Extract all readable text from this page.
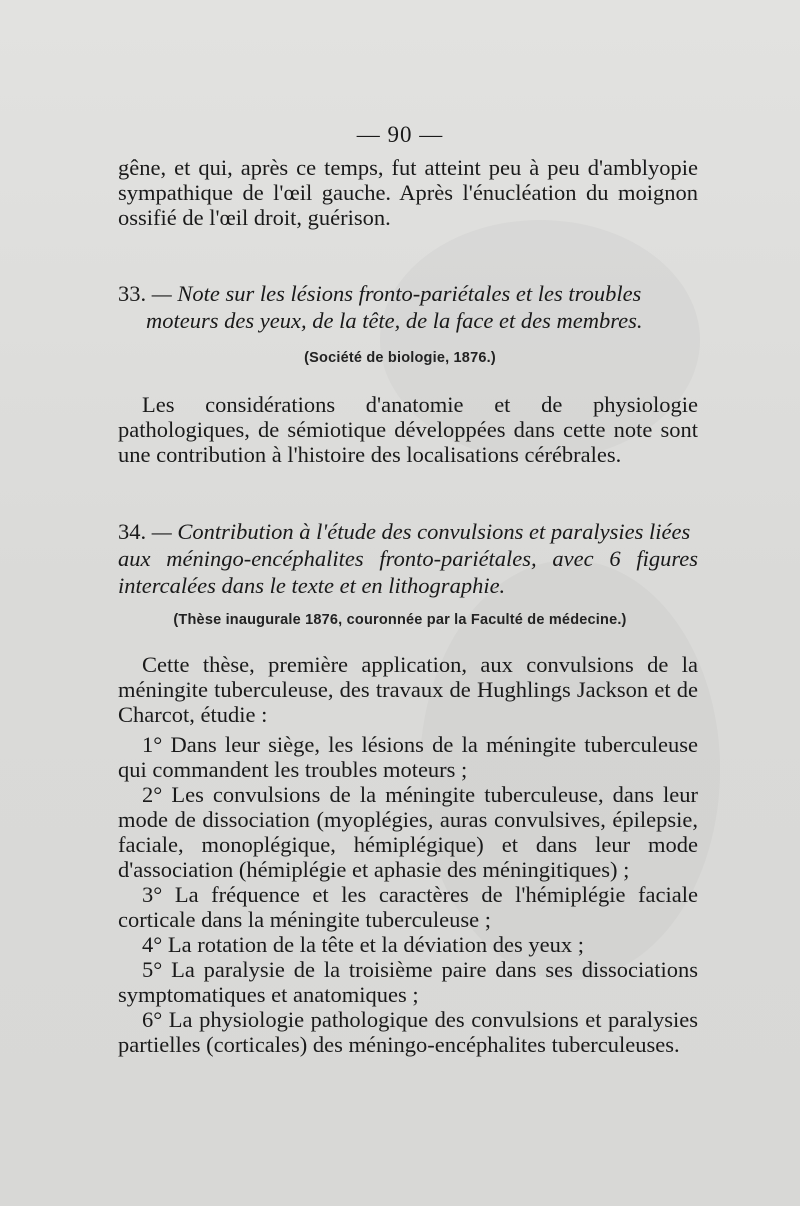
— 90 —

gêne, et qui, après ce temps, fut atteint peu à peu d'amblyopie sympathique de l'œil gauche. Après l'énucléation du moignon ossifié de l'œil droit, guérison.

33. — Note sur les lésions fronto-pariétales et les troubles
moteurs des yeux, de la tête, de la face et des membres.
(Société de biologie, 1876.)

Les considérations d'anatomie et de physiologie pathologiques, de sémiotique développées dans cette note sont une contribution à l'histoire des localisations cérébrales.

34. — Contribution à l'étude des convulsions et paralysies liées
aux méningo-encéphalites fronto-pariétales, avec 6 figures intercalées dans le texte et en lithographie.
(Thèse inaugurale 1876, couronnée par la Faculté de médecine.)

Cette thèse, première application, aux convulsions de la méningite tuberculeuse, des travaux de Hughlings Jackson et de Charcot, étudie :

1° Dans leur siège, les lésions de la méningite tuberculeuse qui commandent les troubles moteurs ;

2° Les convulsions de la méningite tuberculeuse, dans leur mode de dissociation (myoplégies, auras convulsives, épilepsie, faciale, monoplégique, hémiplégique) et dans leur mode d'association (hémiplégie et aphasie des méningitiques) ;

3° La fréquence et les caractères de l'hémiplégie faciale corticale dans la méningite tuberculeuse ;

4° La rotation de la tête et la déviation des yeux ;

5° La paralysie de la troisième paire dans ses dissociations symptomatiques et anatomiques ;

6° La physiologie pathologique des convulsions et paralysies partielles (corticales) des méningo-encéphalites tuberculeuses.
